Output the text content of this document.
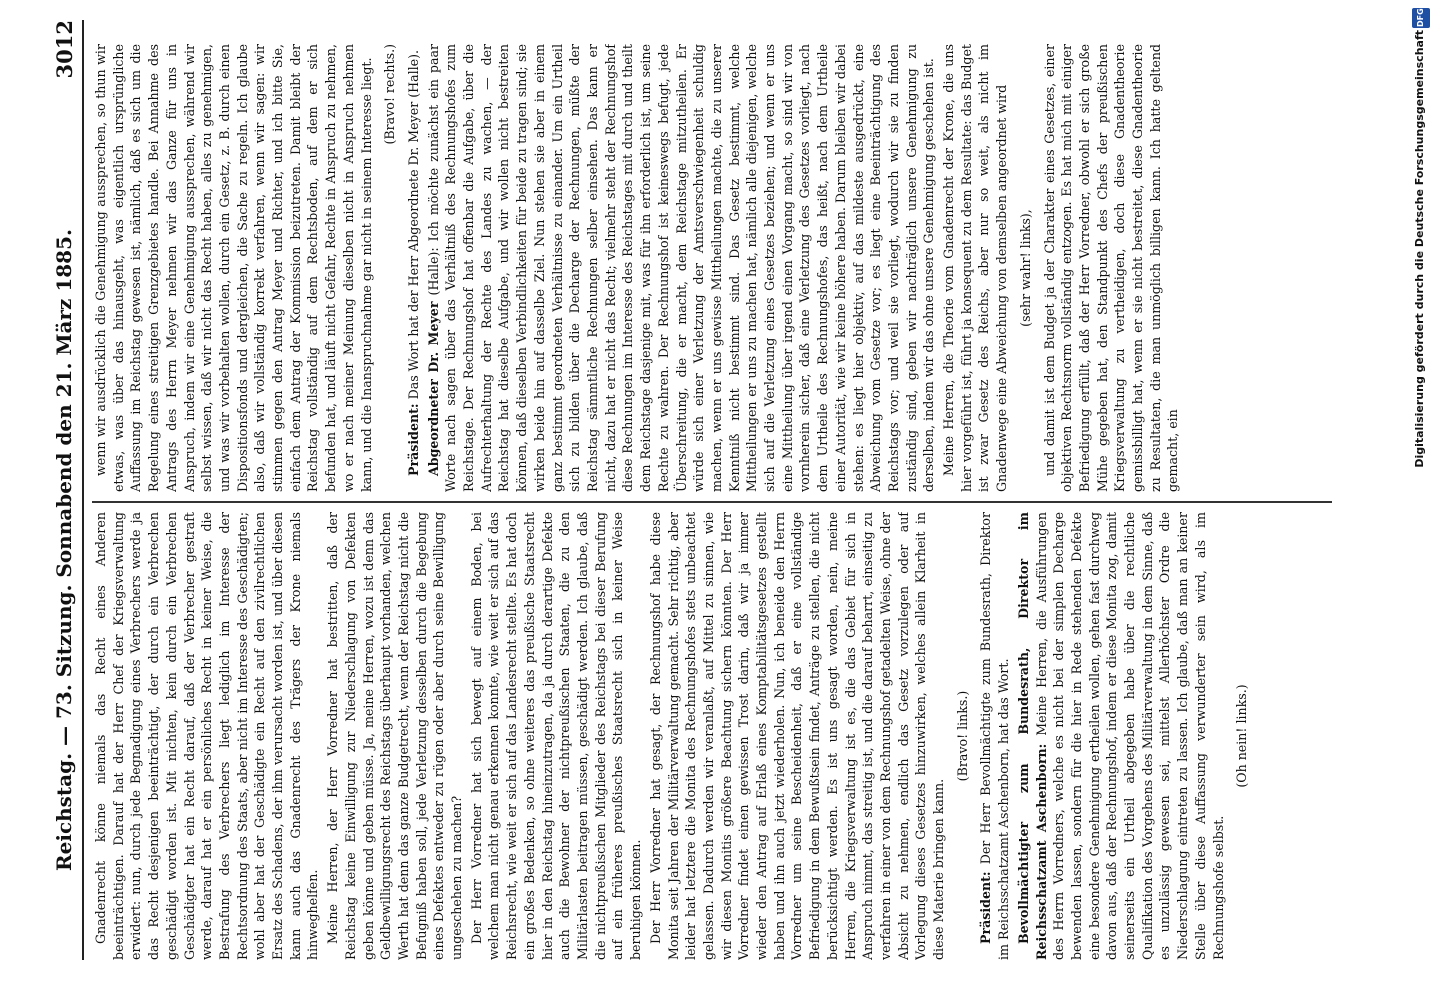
Reichstag. — 73. Sitzung. Sonnabend den 21. März 1885.
3012 wenn wir ausdrücklich die Genehmigung aussprechen, so thun wir etwas, was über das hinausgeht, was eigentlich ursprüngliche Auffassung im Reichstag gewesen ist, nämlich, daß es sich um die Regelung eines streitigen Grenzgebietes handle. Bei Annahme des Antrags des Herrn Meyer nehmen wir das Ganze für uns in Anspruch, indem wir eine Genehmigung aussprechen, während wir selbst wissen, daß wir nicht das Recht haben, alles zu genehmigen, und was wir vorbehalten wollen, durch ein Gesetz, z. B. durch einen Dispositionsfonds und dergleichen, die Sache zu regeln. Ich glaube also, daß wir vollständig korrekt verfahren, wenn wir sagen: wir stimmen gegen den Antrag Meyer und Richter, und ich bitte Sie, einfach dem Antrag der Kommission beizutreten. Damit bleibt der Reichstag vollständig auf dem Rechtsboden, auf dem er sich befunden hat, und läuft nicht Gefahr, Rechte in Anspruch zu nehmen, wo er nach meiner Meinung dieselben nicht in Anspruch nehmen kann, und die Inanspruchnahme gar nicht in seinem Interesse liegt. (Bravo! rechts.)

Präsident: Das Wort hat der Herr Abgeordnete Dr. Meyer (Halle). Abgeordneter Dr. Meyer (Halle): Ich möchte zunächst ein paar Worte nach sagen über das Verhältniß des Rechnungshofes zum Reichstage. Der Rechnungshof hat offenbar die Aufgabe, über die Aufrechterhaltung der Rechte des Landes zu wachen, — der Reichstag hat dieselbe Aufgabe, und wir wollen nicht bestreiten können, daß dieselben Verbindlichkeiten für beide zu tragen sind; sie wirken beide hin auf dasselbe Ziel. Nun stehen sie aber in einem ganz bestimmt geordneten Verhältnisse zu einander. Um ein Urtheil sich zu bilden über die Decharge der Rechnungen, müßte der Reichstag sämmtliche Rechnungen selber einsehen. Das kann er nicht, dazu hat er nicht das Recht; vielmehr steht der Rechnungshof diese Rechnungen im Interesse des Reichstages mit durch und theilt dem Reichstage dasjenige mit, was für ihn erforderlich ist, um seine Rechte zu wahren. Der Rechnungshof ist keineswegs befugt, jede Überschreitung, die er macht, dem Reichstage mitzutheilen. Er würde sich einer Verletzung der Amtsverschwiegenheit schuldig machen, wenn er uns gewisse Mittheilungen machte, die zu unserer Kenntniß nicht bestimmt sind. Das Gesetz bestimmt, welche Mittheilungen er uns zu machen hat, nämlich alle diejenigen, welche sich auf die Verletzung eines Gesetzes beziehen; und wenn er uns eine Mittheilung über irgend einen Vorgang macht, so sind wir von vornherein sicher, daß eine Verletzung des Gesetzes vorliegt, nach dem Urtheile des Rechnungshofes, das heißt, nach dem Urtheile einer Autorität, wie wir keine höhere haben. Darum bleiben wir dabei stehen: es liegt hier objektiv, auf das mildeste ausgedrückt, eine Abweichung vom Gesetze vor; es liegt eine Beeinträchtigung des Reichstags vor; und weil sie vorliegt, wodurch wir sie zu finden zuständig sind, geben wir nachträglich unsere Genehmigung zu derselben, indem wir das ohne unsere Genehmigung geschehen ist. Meine Herren, die Theorie vom Gnadenrecht der Krone, die uns hier vorgeführt ist, führt ja konsequent zu dem Resultate: das Budget ist zwar Gesetz des Reichs, aber nur so weit, als nicht im Gnadenwege eine Abweichung von demselben angeordnet wird (sehr wahr! links), und damit ist dem Budget ja der Charakter eines Gesetzes, einer objektiven Rechtsnorm vollständig entzogen. Es hat mich mit einiger Befriedigung erfüllt, daß der Herr Vorredner, obwohl er sich große Mühe gegeben hat, den Standpunkt des Chefs der preußischen Kriegsverwaltung zu vertheidigen, doch diese Gnadentheorie gemissbilligt hat, wenn er sie nicht bestreitet, diese Gnadentheorie zu Resultaten, die man unmöglich billigen kann. Ich hatte geltend gemacht, ein

Gnadenrecht könne niemals das Recht eines Anderen beeinträchtigen. Darauf hat der Herr Chef der Kriegsverwaltung erwidert: nun, durch jede Begnadigung eines Verbrechers werde ja das Recht desjenigen beeinträchtigt, der durch ein Verbrechen geschädigt worden ist. Mit nichten, kein durch ein Verbrechen Geschädigter hat ein Recht darauf, daß der Verbrecher gestraft werde, darauf hat er ein persönliches Recht in keiner Weise, die Bestrafung des Verbrechers liegt lediglich im Interesse der Rechtsordnung des Staats, aber nicht im Interesse des Geschädigten; wohl aber hat der Geschädigte ein Recht auf den zivilrechtlichen Ersatz des Schadens, der ihm verursacht worden ist, und über diesen kann auch das Gnadenrecht des Trägers der Krone niemals hinweghelfen. Meine Herren, der Herr Vorredner hat bestritten, daß der Reichstag keine Einwilligung zur Niederschlagung von Defekten geben könne und geben müsse. Ja, meine Herren, wozu ist denn das Geldbewilligungsrecht des Reichstags überhaupt vorhanden, welchen Werth hat denn das ganze Budgetrecht, wenn der Reichstag nicht die Befugniß haben soll, jede Verletzung desselben durch die Begebung eines Defektes entweder zu rügen oder aber durch seine Bewilligung ungeschehen zu machen? Der Herr Vorredner hat sich bewegt auf einem Boden, bei welchem man nicht genau erkennen konnte, wie weit er sich auf das Reichsrecht, wie weit er sich auf das Landesrecht stellte. Es hat doch ein großes Bedenken, so ohne weiteres das preußische Staatsrecht hier in den Reichstag hineinzutragen, da ja durch derartige Defekte auch die Bewohner der nichtpreußischen Staaten, die zu den Militärlasten beitragen müssen, geschädigt werden. Ich glaube, daß die nichtpreußischen Mitglieder des Reichstags bei dieser Berufung auf ein früheres preußisches Staatsrecht sich in keiner Weise beruhigen können. Der Herr Vorredner hat gesagt, der Rechnungshof habe diese Monita seit Jahren der Militärverwaltung gemacht. Sehr richtig, aber leider hat letztere die Monita des Rechnungshofes stets unbeachtet gelassen. Dadurch werden wir veranlaßt, auf Mittel zu sinnen, wie wir diesen Monitis größere Beachtung sichern könnten. Der Herr Vorredner findet einen gewissen Trost darin, daß wir ja immer wieder den Antrag auf Erlaß eines Komptabilitätsgesetzes gestellt haben und ihn auch jetzt wiederholen. Nun, ich beneide den Herrn Vorredner um seine Bescheidenheit, daß er eine vollständige Befriedigung in dem Bewußtsein findet, Anträge zu stellen, die nicht berücksichtigt werden. Es ist uns gesagt worden, nein, meine Herren, die Kriegsverwaltung ist es, die das Gebiet für sich in Anspruch nimmt, das streitig ist, und die darauf beharrt, einseitig zu verfahren in einer von dem Rechnungshof getadelten Weise, ohne der Absicht zu nehmen, endlich das Gesetz vorzulegen oder auf Vorlegung dieses Gesetzes hinzuwirken, welches allein Klarheit in diese Materie bringen kann.

(Bravo! links.)

Präsident: Der Herr Bevollmächtigte zum Bundesrath, Direktor im Reichsschatzamt Aschenborn, hat das Wort. Bevollmächtigter zum Bundesrath, Direktor im Reichsschatzamt Aschenborn: Meine Herren, die Ausführungen des Herrn Vorredners, welche es nicht bei der simplen Decharge bewenden lassen, sondern für die hier in Rede stehenden Defekte eine besondere Genehmigung ertheilen wollen, gehen fast durchweg davon aus, daß der Rechnungshof, indem er diese Monita zog, damit seinerseits ein Urtheil abgegeben habe über die rechtliche Qualifikation des Vorgehens des Militärverwaltung in dem Sinne, daß es unzulässig gewesen sei, mittelst Allerhöchster Ordre die Niederschlagung eintreten zu lassen. Ich glaube, daß man an keiner Stelle über diese Auffassung verwunderter sein wird, als im Rechnungshofe selbst.

(Oh nein! links.)

DFG
Digitalisierung gefördert durch die Deutsche Forschungsgemeinschaft
